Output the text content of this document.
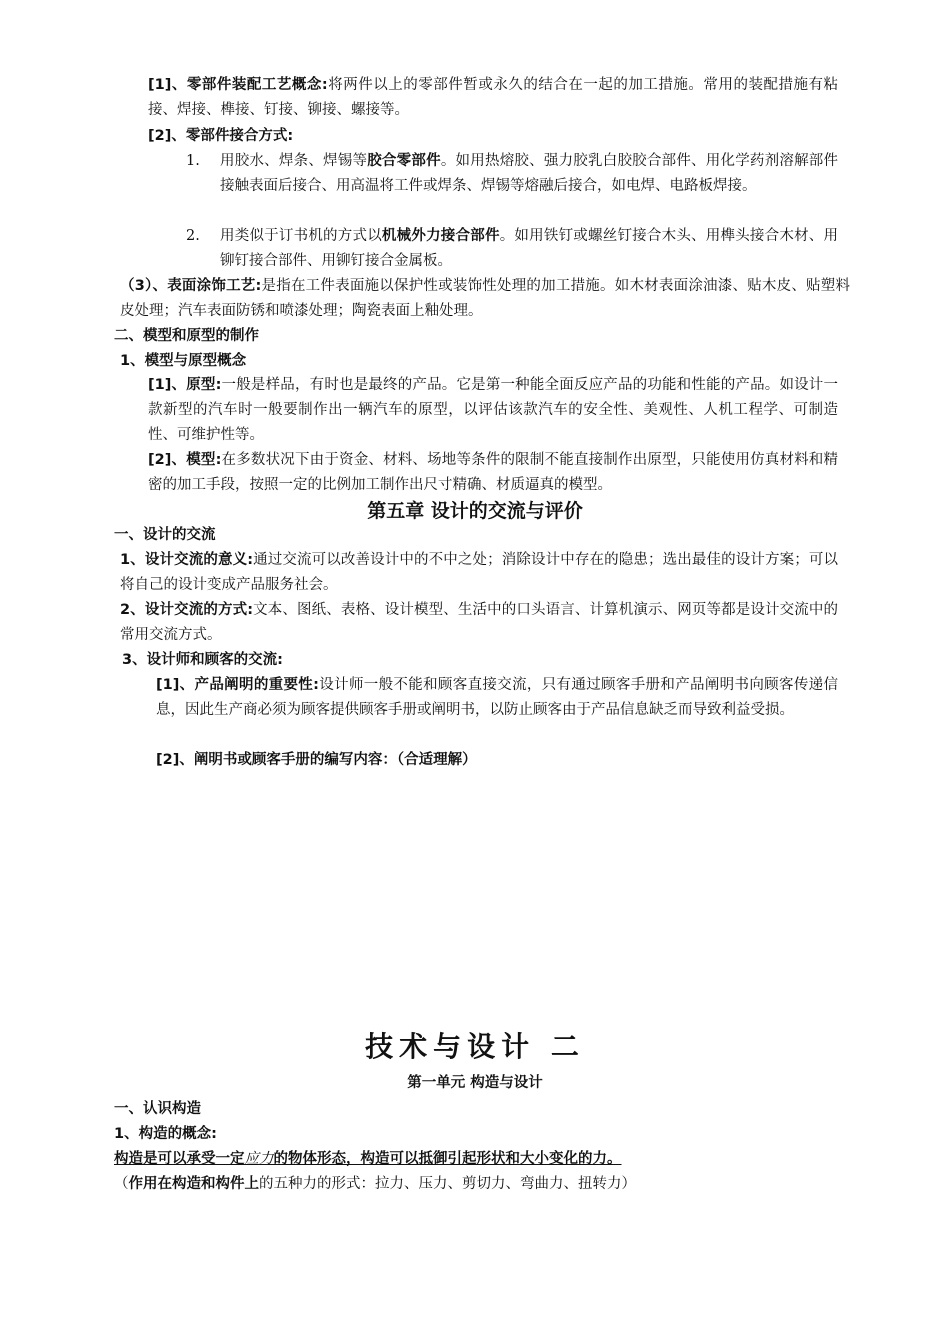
[1]、零部件装配工艺概念:将两件以上的零部件暂或永久的结合在一起的加工措施。常用的装配措施有粘接、焊接、榫接、钉接、铆接、螺接等。
[2]、零部件接合方式:
1. 用胶水、焊条、焊锡等胶合零部件。如用热熔胶、强力胶乳白胶胶合部件、用化学药剂溶解部件接触表面后接合、用高温将工件或焊条、焊锡等熔融后接合，如电焊、电路板焊接。
2. 用类似于订书机的方式以机械外力接合部件。如用铁钉或螺丝钉接合木头、用榫头接合木材、用铆钉接合部件、用铆钉接合金属板。
（3）、表面涂饰工艺:是指在工件表面施以保护性或装饰性处理的加工措施。如木材表面涂油漆、贴木皮、贴塑料皮处理；汽车表面防锈和喷漆处理；陶瓷表面上釉处理。
二、模型和原型的制作
1、模型与原型概念
[1]、原型:一般是样品，有时也是最终的产品。它是第一种能全面反应产品的功能和性能的产品。如设计一款新型的汽车时一般要制作出一辆汽车的原型，以评估该款汽车的安全性、美观性、人机工程学、可制造性、可维护性等。
[2]、模型:在多数状况下由于资金、材料、场地等条件的限制不能直接制作出原型，只能使用仿真材料和精密的加工手段，按照一定的比例加工制作出尺寸精确、材质逼真的模型。
第五章 设计的交流与评价
一、设计的交流
1、设计交流的意义:通过交流可以改善设计中的不中之处；消除设计中存在的隐患；选出最佳的设计方案；可以将自己的设计变成产品服务社会。
2、设计交流的方式:文本、图纸、表格、设计模型、生活中的口头语言、计算机演示、网页等都是设计交流中的常用交流方式。
3、设计师和顾客的交流:
[1]、产品阐明的重要性:设计师一般不能和顾客直接交流，只有通过顾客手册和产品阐明书向顾客传递信息，因此生产商必须为顾客提供顾客手册或阐明书，以防止顾客由于产品信息缺乏而导致利益受损。
[2]、阐明书或顾客手册的编写内容：（合适理解）
技术与设计 二
第一单元 构造与设计
一、认识构造
1、构造的概念:
构造是可以承受一定应力的物体形态，构造可以抵御引起形状和大小变化的力。
（作用在构造和构件上的五种力的形式：拉力、压力、剪切力、弯曲力、扭转力）
